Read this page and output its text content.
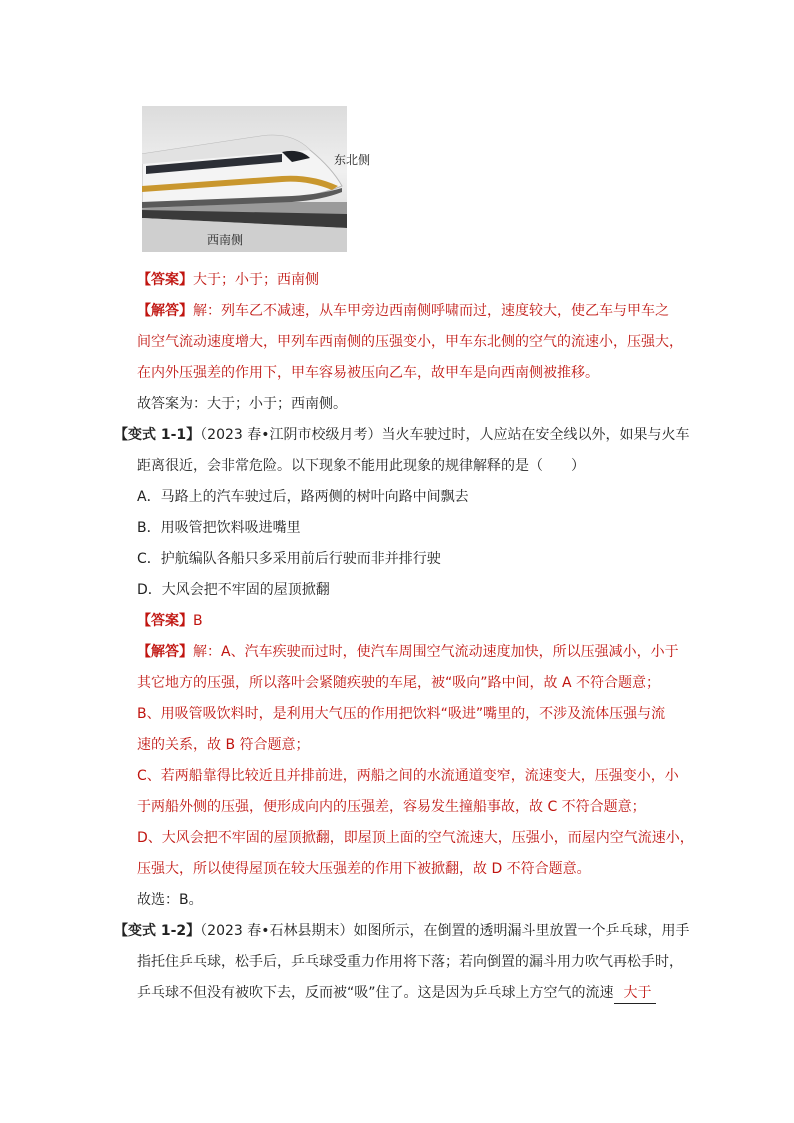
东北侧
西南侧
【答案】大于；小于；西南侧
【解答】解：列车乙不减速，从车甲旁边西南侧呼啸而过，速度较大，使乙车与甲车之
间空气流动速度增大，甲列车西南侧的压强变小，甲车东北侧的空气的流速小，压强大，
在内外压强差的作用下，甲车容易被压向乙车，故甲车是向西南侧被推移。
故答案为：大于；小于；西南侧。
【变式 1-1】（2023 春•江阴市校级月考）当火车驶过时，人应站在安全线以外，如果与火车
距离很近，会非常危险。以下现象不能用此现象的规律解释的是（　　）
A．马路上的汽车驶过后，路两侧的树叶向路中间飘去
B．用吸管把饮料吸进嘴里
C．护航编队各船只多采用前后行驶而非并排行驶
D．大风会把不牢固的屋顶掀翻
【答案】B
【解答】解：A、汽车疾驶而过时，使汽车周围空气流动速度加快，所以压强减小，小于
其它地方的压强，所以落叶会紧随疾驶的车尾，被“吸向”路中间，故 A 不符合题意；
B、用吸管吸饮料时，是利用大气压的作用把饮料“吸进”嘴里的，不涉及流体压强与流
速的关系，故 B 符合题意；
C、若两船靠得比较近且并排前进，两船之间的水流通道变窄，流速变大，压强变小，小
于两船外侧的压强，便形成向内的压强差，容易发生撞船事故，故 C 不符合题意；
D、大风会把不牢固的屋顶掀翻，即屋顶上面的空气流速大，压强小，而屋内空气流速小，
压强大，所以使得屋顶在较大压强差的作用下被掀翻，故 D 不符合题意。
故选：B。
【变式 1-2】（2023 春•石林县期末）如图所示，在倒置的透明漏斗里放置一个乒乓球，用手
指托住乒乓球，松手后，乒乓球受重力作用将下落；若向倒置的漏斗用力吹气再松手时，
乒乓球不但没有被吹下去，反而被“吸”住了。这是因为乒乓球上方空气的流速 大于
